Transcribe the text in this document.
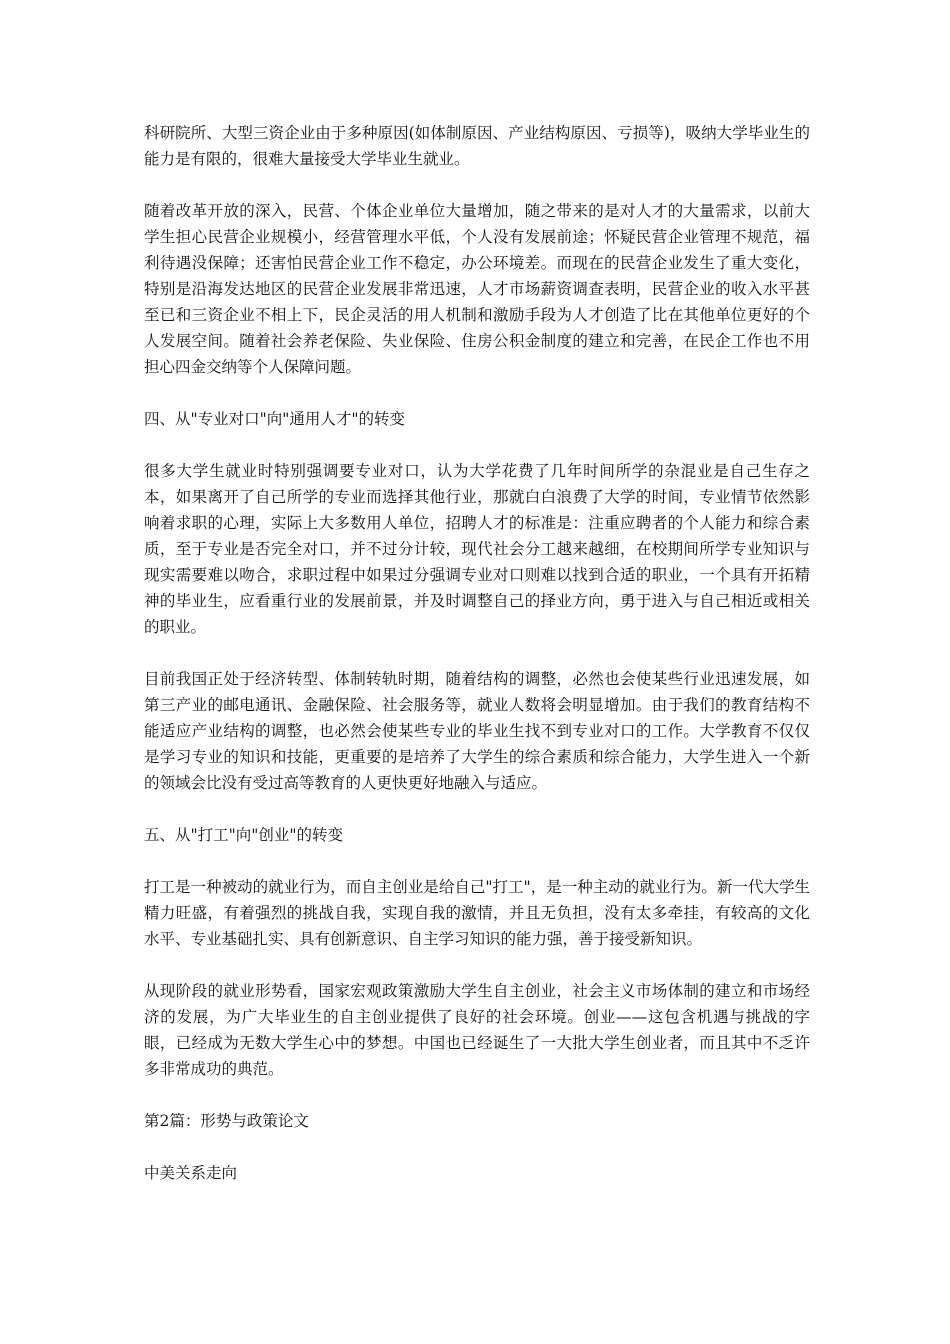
科研院所、大型三资企业由于多种原因(如体制原因、产业结构原因、亏损等)，吸纳大学毕业生的能力是有限的，很难大量接受大学毕业生就业。

随着改革开放的深入，民营、个体企业单位大量增加，随之带来的是对人才的大量需求，以前大学生担心民营企业规模小，经营管理水平低，个人没有发展前途；怀疑民营企业管理不规范，福利待遇没保障；还害怕民营企业工作不稳定，办公环境差。而现在的民营企业发生了重大变化，特别是沿海发达地区的民营企业发展非常迅速，人才市场薪资调查表明，民营企业的收入水平甚至已和三资企业不相上下，民企灵活的用人机制和激励手段为人才创造了比在其他单位更好的个人发展空间。随着社会养老保险、失业保险、住房公积金制度的建立和完善，在民企工作也不用担心四金交纳等个人保障问题。

四、从"专业对口"向"通用人才"的转变

很多大学生就业时特别强调要专业对口，认为大学花费了几年时间所学的杂混业是自己生存之本，如果离开了自己所学的专业而选择其他行业，那就白白浪费了大学的时间，专业情节依然影响着求职的心理，实际上大多数用人单位，招聘人才的标准是：注重应聘者的个人能力和综合素质，至于专业是否完全对口，并不过分计较，现代社会分工越来越细，在校期间所学专业知识与现实需要难以吻合，求职过程中如果过分强调专业对口则难以找到合适的职业，一个具有开拓精神的毕业生，应看重行业的发展前景，并及时调整自己的择业方向，勇于进入与自己相近或相关的职业。

目前我国正处于经济转型、体制转轨时期，随着结构的调整，必然也会使某些行业迅速发展，如第三产业的邮电通讯、金融保险、社会服务等，就业人数将会明显增加。由于我们的教育结构不能适应产业结构的调整，也必然会使某些专业的毕业生找不到专业对口的工作。大学教育不仅仅是学习专业的知识和技能，更重要的是培养了大学生的综合素质和综合能力，大学生进入一个新的领域会比没有受过高等教育的人更快更好地融入与适应。

五、从"打工"向"创业"的转变

打工是一种被动的就业行为，而自主创业是给自己"打工"，是一种主动的就业行为。新一代大学生精力旺盛，有着强烈的挑战自我，实现自我的激情，并且无负担，没有太多牵挂，有较高的文化水平、专业基础扎实、具有创新意识、自主学习知识的能力强，善于接受新知识。

从现阶段的就业形势看，国家宏观政策激励大学生自主创业，社会主义市场体制的建立和市场经济的发展，为广大毕业生的自主创业提供了良好的社会环境。创业——这包含机遇与挑战的字眼，已经成为无数大学生心中的梦想。中国也已经诞生了一大批大学生创业者，而且其中不乏许多非常成功的典范。

第2篇：形势与政策论文

中美关系走向
